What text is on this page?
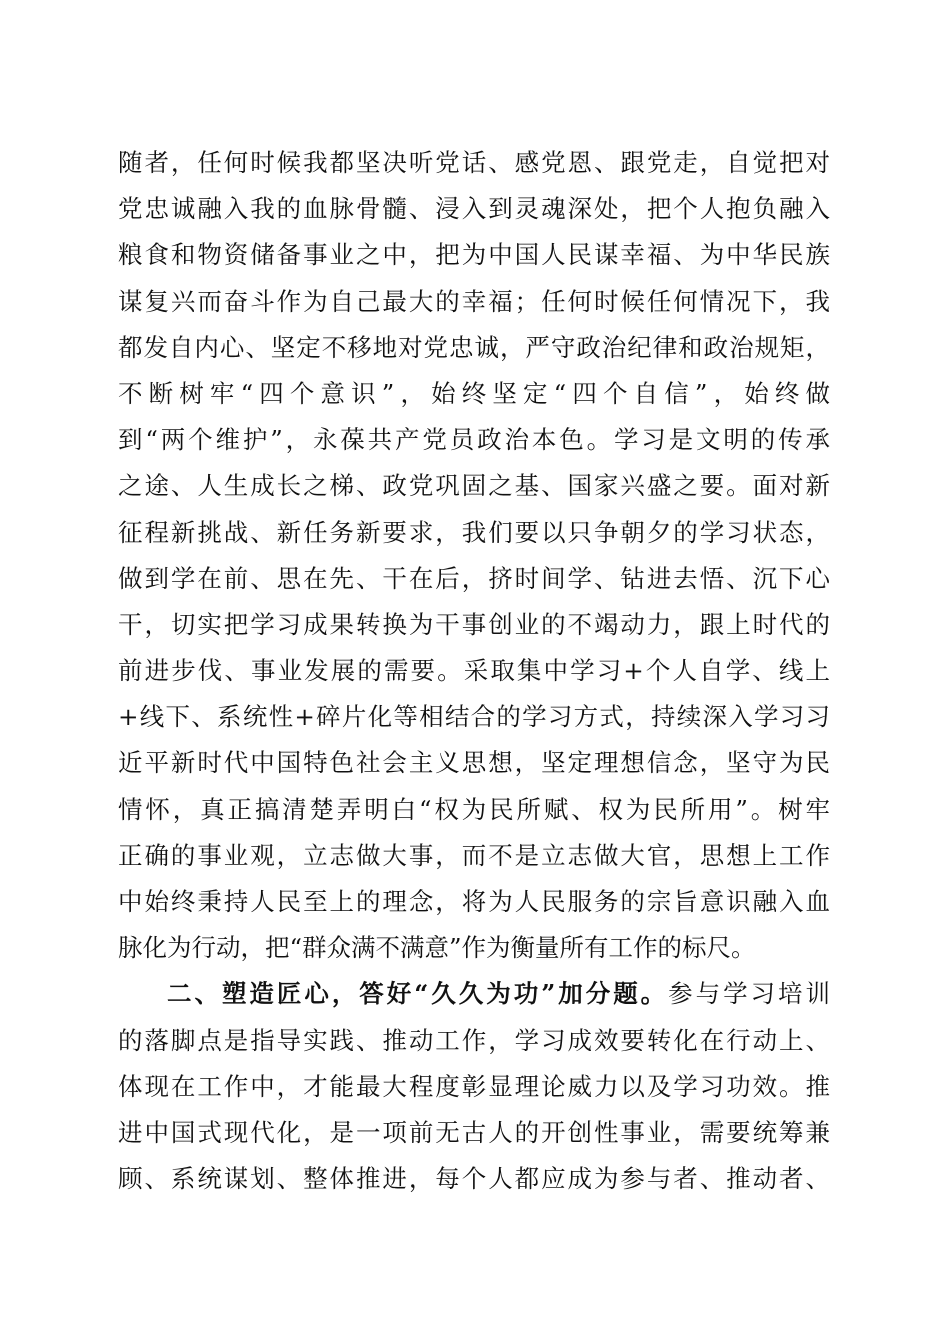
随者，任何时候我都坚决听党话、感党恩、跟党走，自觉把对
党忠诚融入我的血脉骨髓、浸入到灵魂深处，把个人抱负融入
粮食和物资储备事业之中，把为中国人民谋幸福、为中华民族
谋复兴而奋斗作为自己最大的幸福；任何时候任何情况下，我
都发自内心、坚定不移地对党忠诚，严守政治纪律和政治规矩，
不断树牢“四个意识”，始终坚定“四个自信”，始终做
到“两个维护”，永葆共产党员政治本色。学习是文明的传承
之途、人生成长之梯、政党巩固之基、国家兴盛之要。面对新
征程新挑战、新任务新要求，我们要以只争朝夕的学习状态，
做到学在前、思在先、干在后，挤时间学、钻进去悟、沉下心
干，切实把学习成果转换为干事创业的不竭动力，跟上时代的
前进步伐、事业发展的需要。采取集中学习+个人自学、线上
+线下、系统性+碎片化等相结合的学习方式，持续深入学习习
近平新时代中国特色社会主义思想，坚定理想信念，坚守为民
情怀，真正搞清楚弄明白“权为民所赋、权为民所用”。树牢
正确的事业观，立志做大事，而不是立志做大官，思想上工作
中始终秉持人民至上的理念，将为人民服务的宗旨意识融入血
脉化为行动，把“群众满不满意”作为衡量所有工作的标尺。
二、塑造匠心，答好“久久为功”加分题。参与学习培训
的落脚点是指导实践、推动工作，学习成效要转化在行动上、
体现在工作中，才能最大程度彰显理论威力以及学习功效。推
进中国式现代化，是一项前无古人的开创性事业，需要统筹兼
顾、系统谋划、整体推进，每个人都应成为参与者、推动者、
